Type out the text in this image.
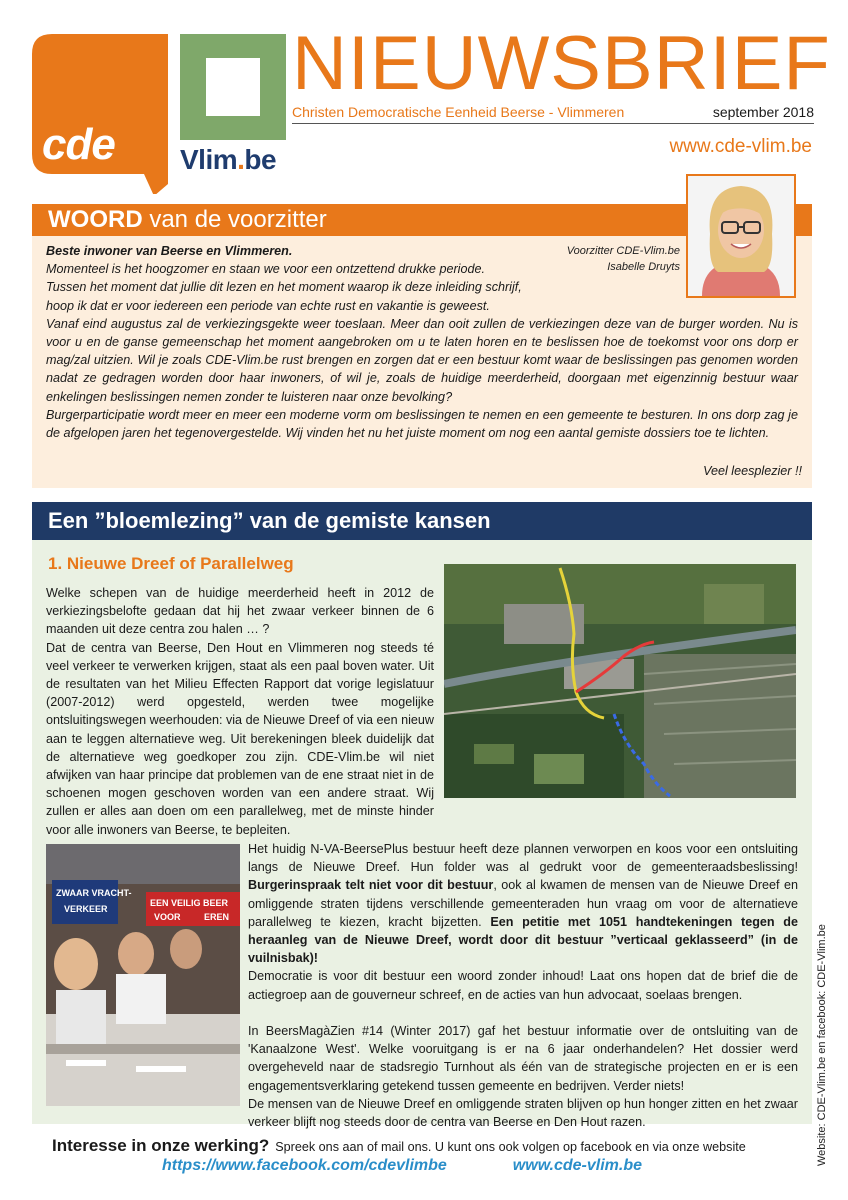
cde Vlim.be
NIEUWSBRIEF
Christen Democratische Eenheid Beerse - Vlimmeren	september 2018
www.cde-vlim.be
WOORD van de voorzitter
Voorzitter CDE-Vlim.be
Isabelle Druyts

Beste inwoner van Beerse en Vlimmeren.

Momenteel is het hoogzomer en staan we voor een ontzettend drukke periode.

Tussen het moment dat jullie dit lezen en het moment waarop ik deze inleiding schrijf,

hoop ik dat er voor iedereen een periode van echte rust en vakantie is geweest.

Vanaf eind augustus zal de verkiezingsgekte weer toeslaan. Meer dan ooit zullen de verkiezingen deze van de burger worden. Nu is voor u en de ganse gemeenschap het moment aangebroken om u te laten horen en te beslissen hoe de toekomst voor ons dorp er mag/zal uitzien. Wil je zoals CDE-Vlim.be rust brengen en zorgen dat er een bestuur komt waar de beslissingen pas genomen worden nadat ze gedragen worden door haar inwoners, of wil je, zoals de huidige meerderheid, doorgaan met eigenzinnig bestuur waar enkelingen beslissingen nemen zonder te luisteren naar onze bevolking?

Burgerparticipatie wordt meer en meer een moderne vorm om beslissingen te nemen en een gemeente te besturen. In ons dorp zag je de afgelopen jaren het tegenovergestelde. Wij vinden het nu het juiste moment om nog een aantal gemiste dossiers toe te lichten.

Veel leesplezier !!
Een ”bloemlezing” van de gemiste kansen
1. Nieuwe Dreef of Parallelweg

Welke schepen van de huidige meerderheid heeft in 2012 de verkiezingsbelofte gedaan dat hij het zwaar verkeer binnen de 6 maanden uit deze centra zou halen … ?

Dat de centra van Beerse, Den Hout en Vlimmeren nog steeds té veel verkeer te verwerken krijgen, staat als een paal boven water. Uit de resultaten van het Milieu Effecten Rapport dat vorige legislatuur (2007-2012) werd opgesteld, werden twee mogelijke ontsluitingswegen weerhouden: via de Nieuwe Dreef of via een nieuw aan te leggen alternatieve weg. Uit berekeningen bleek duidelijk dat de alternatieve weg goedkoper zou zijn. CDE-Vlim.be wil niet afwijken van haar principe dat problemen van de ene straat niet in de schoenen mogen geschoven worden van een andere straat. Wij zullen er alles aan doen om een parallelweg, met de minste hinder voor alle inwoners van Beerse, te bepleiten.

ZWAAR VRACHT-
VERKEER
EEN VEILIG BEER
VOOR	EREN

Het huidig N-VA-BeersePlus bestuur heeft deze plannen verworpen en koos voor een ontsluiting langs de Nieuwe Dreef. Hun folder was al gedrukt voor de gemeenteraadsbeslissing! Burgerinspraak telt niet voor dit bestuur, ook al kwamen de mensen van de Nieuwe Dreef en omliggende straten tijdens verschillende gemeenteraden hun vraag om voor de alternatieve parallelweg te kiezen, kracht bijzetten. Een petitie met 1051 handtekeningen tegen de heraanleg van de Nieuwe Dreef, wordt door dit bestuur ”verticaal geklasseerd” (in de vuilnisbak)!

Democratie is voor dit bestuur een woord zonder inhoud! Laat ons hopen dat de brief die de actiegroep aan de gouverneur schreef, en de acties van hun advocaat, soelaas brengen.

In BeersMagàZien #14 (Winter 2017) gaf het bestuur informatie over de ontsluiting van de 'Kanaalzone West'. Welke vooruitgang is er na 6 jaar onderhandelen? Het dossier werd overgeheveld naar de stadsregio Turnhout als één van de strategische projecten en er is een engagementsverklaring getekend tussen gemeente en bedrijven. Verder niets!

De mensen van de Nieuwe Dreef en omliggende straten blijven op hun honger zitten en het zwaar verkeer blijft nog steeds door de centra van Beerse en Den Hout razen.	Website: CDE-Vlim.be en facebook: CDE-Vlim.be
Interesse in onze werking? Spreek ons aan of mail ons. U kunt ons ook volgen op facebook en via onze website
https://www.facebook.com/cdevlimbe	www.cde-vlim.be
